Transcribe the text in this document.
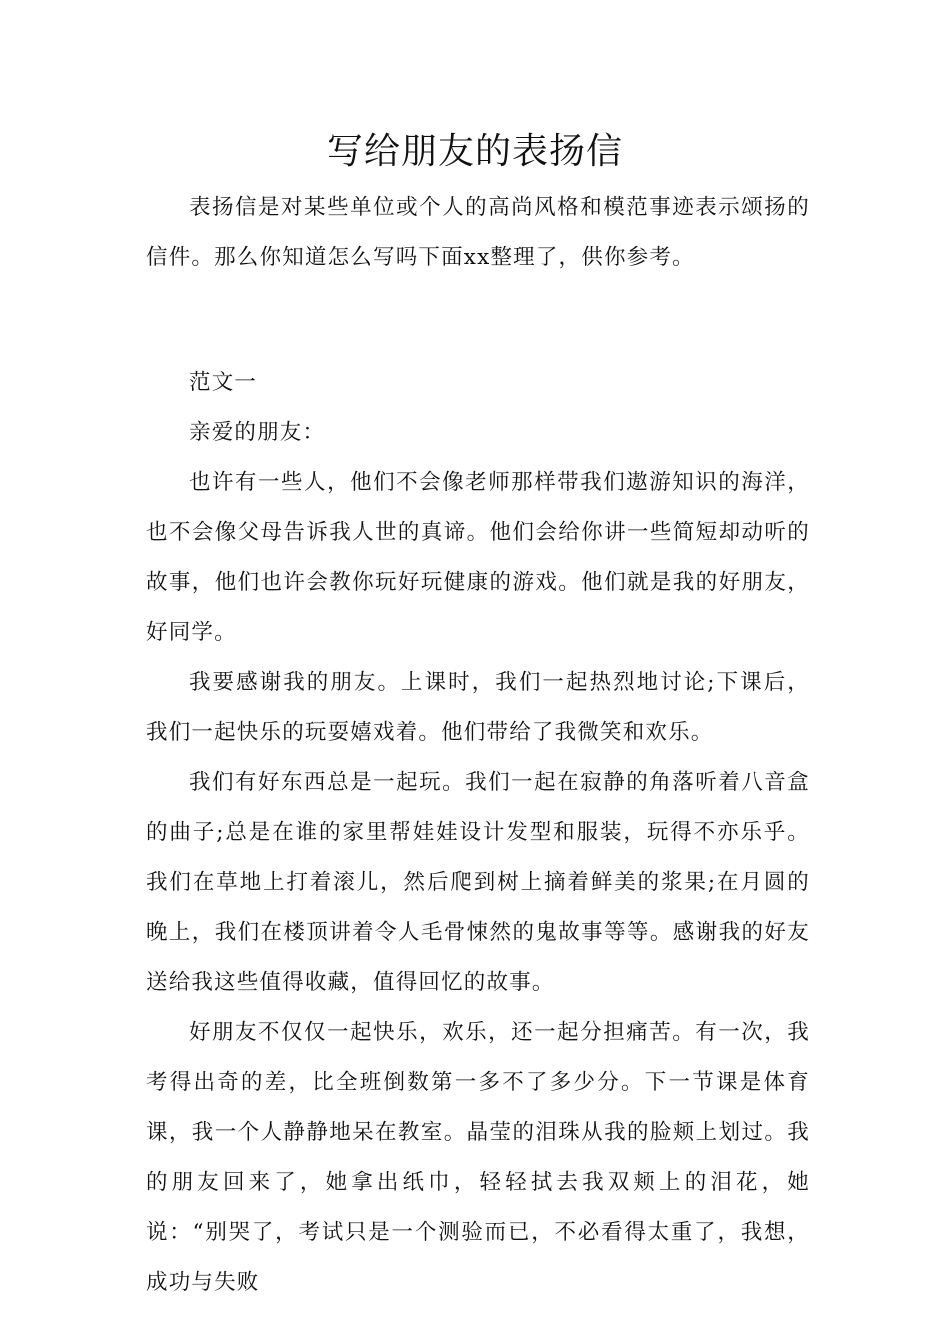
写给朋友的表扬信

表扬信是对某些单位或个人的高尚风格和模范事迹表示颂扬的信件。那么你知道怎么写吗下面xx整理了，供你参考。

范文一

亲爱的朋友：

也许有一些人，他们不会像老师那样带我们遨游知识的海洋，也不会像父母告诉我人世的真谛。他们会给你讲一些简短却动听的故事，他们也许会教你玩好玩健康的游戏。他们就是我的好朋友，好同学。

我要感谢我的朋友。上课时，我们一起热烈地讨论;下课后，我们一起快乐的玩耍嬉戏着。他们带给了我微笑和欢乐。

我们有好东西总是一起玩。我们一起在寂静的角落听着八音盒的曲子;总是在谁的家里帮娃娃设计发型和服装，玩得不亦乐乎。我们在草地上打着滚儿，然后爬到树上摘着鲜美的浆果;在月圆的晚上，我们在楼顶讲着令人毛骨悚然的鬼故事等等。感谢我的好友送给我这些值得收藏，值得回忆的故事。

好朋友不仅仅一起快乐，欢乐，还一起分担痛苦。有一次，我考得出奇的差，比全班倒数第一多不了多少分。下一节课是体育课，我一个人静静地呆在教室。晶莹的泪珠从我的脸颊上划过。我的朋友回来了，她拿出纸巾，轻轻拭去我双颊上的泪花，她说：“别哭了，考试只是一个测验而已，不必看得太重了，我想，成功与失败
